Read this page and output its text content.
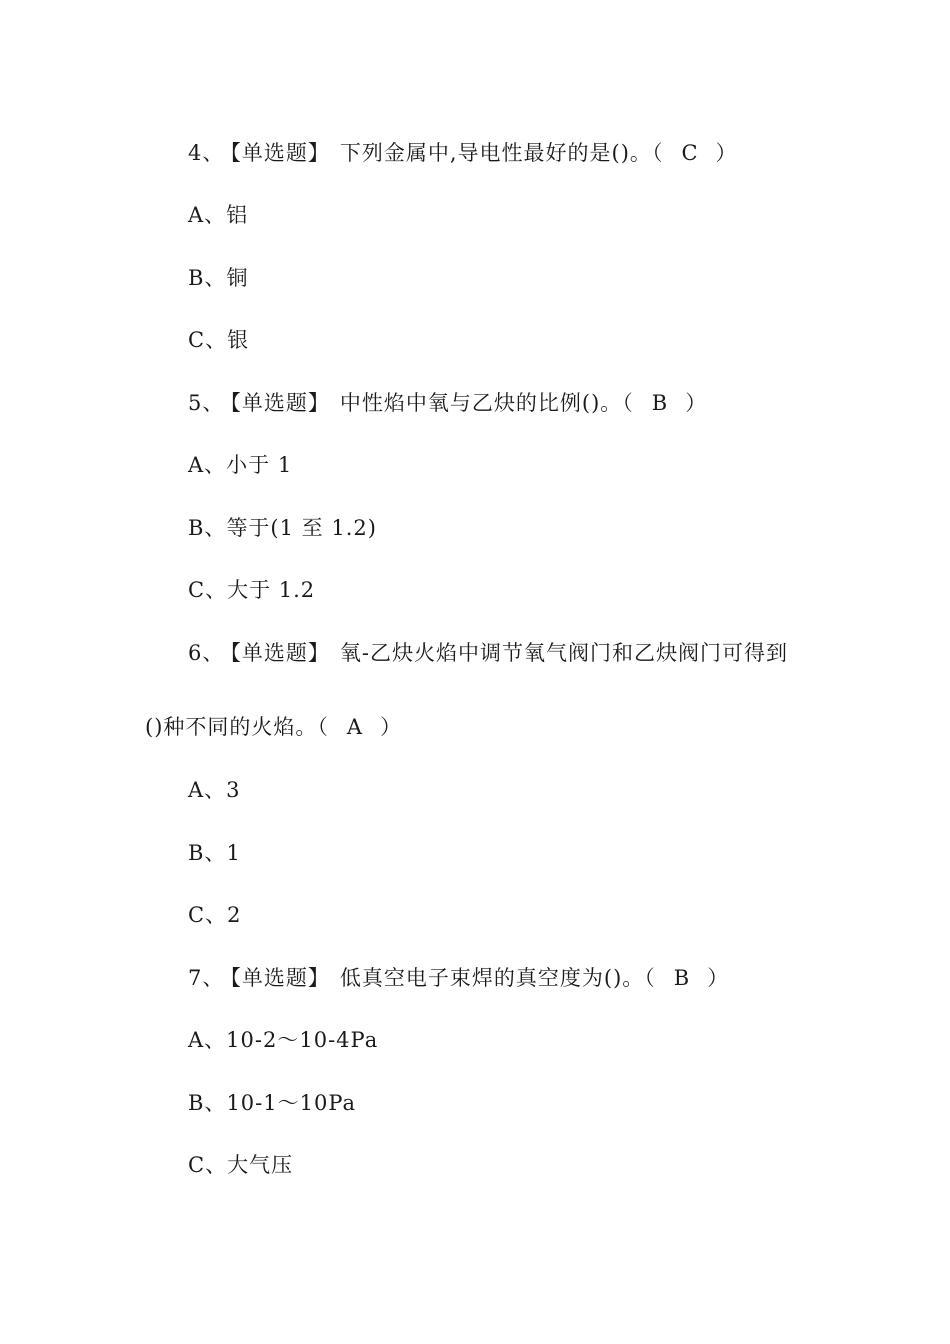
4、 【单选题】 下列金属中,导电性最好的是()。（ C ）
A、铝
B、铜
C、银
5、 【单选题】 中性焰中氧与乙炔的比例()。（ B ）
A、小于 1
B、等于(1 至 1.2)
C、大于 1.2
6、 【单选题】 氧-乙炔火焰中调节氧气阀门和乙炔阀门可得到
()种不同的火焰。（ A ）
A、3
B、1
C、2
7、 【单选题】 低真空电子束焊的真空度为()。（ B ）
A、10-2～10-4Pa
B、10-1～10Pa
C、大气压
